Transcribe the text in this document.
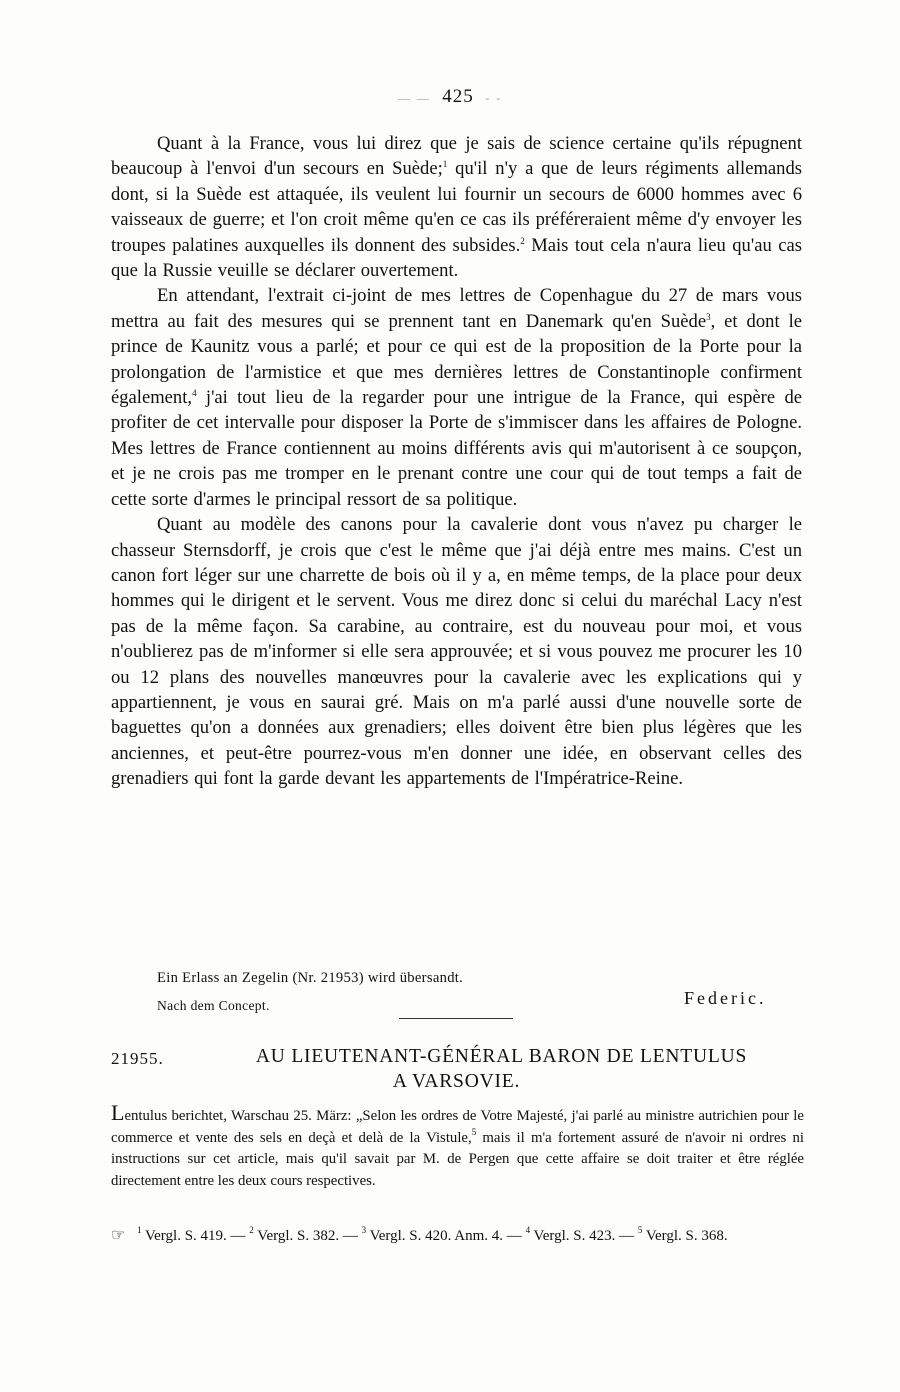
— — 425 - -

Quant à la France, vous lui direz que je sais de science certaine qu'ils répugnent beaucoup à l'envoi d'un secours en Suède;$^1$ qu'il n'y a que de leurs régiments allemands dont, si la Suède est attaquée, ils veulent lui fournir un secours de 6000 hommes avec 6 vaisseaux de guerre; et l'on croit même qu'en ce cas ils préféreraient même d'y envoyer les troupes palatines auxquelles ils donnent des subsides.$^2$ Mais tout cela n'aura lieu qu'au cas que la Russie veuille se déclarer ouvertement.

En attendant, l'extrait ci-joint de mes lettres de Copenhague du 27 de mars vous mettra au fait des mesures qui se prennent tant en Danemark qu'en Suède$^3$, et dont le prince de Kaunitz vous a parlé; et pour ce qui est de la proposition de la Porte pour la prolongation de l'armistice et que mes dernières lettres de Constantinople confirment également,$^4$ j'ai tout lieu de la regarder pour une intrigue de la France, qui espère de profiter de cet intervalle pour disposer la Porte de s'immiscer dans les affaires de Pologne. Mes lettres de France contiennent au moins différents avis qui m'autorisent à ce soupçon, et je ne crois pas me tromper en le prenant contre une cour qui de tout temps a fait de cette sorte d'armes le principal ressort de sa politique.

Quant au modèle des canons pour la cavalerie dont vous n'avez pu charger le chasseur Sternsdorff, je crois que c'est le même que j'ai déjà entre mes mains. C'est un canon fort léger sur une charrette de bois où il y a, en même temps, de la place pour deux hommes qui le dirigent et le servent. Vous me direz donc si celui du maréchal Lacy n'est pas de la même façon. Sa carabine, au contraire, est du nouveau pour moi, et vous n'oublierez pas de m'informer si elle sera approuvée; et si vous pouvez me procurer les 10 ou 12 plans des nouvelles manœuvres pour la cavalerie avec les explications qui y appartiennent, je vous en saurai gré. Mais on m'a parlé aussi d'une nouvelle sorte de baguettes qu'on a données aux grenadiers; elles doivent être bien plus légères que les anciennes, et peut-être pourrez-vous m'en donner une idée, en observant celles des grenadiers qui font la garde devant les appartements de l'Impératrice-Reine.

Ein Erlass an Zegelin (Nr. 21953) wird übersandt.
Nach dem Concept.	Federic.
21955.	AU LIEUTENANT-GÉNÉRAL BARON DE LENTULUS
A VARSOVIE.
Lentulus berichtet, Warschau 25. März: „Selon les ordres de Votre Majesté, j'ai parlé au ministre autrichien pour le commerce et vente des sels en deçà et delà de la Vistule,$^5$ mais il m'a fortement assuré de n'avoir ni ordres ni instructions sur cet article, mais qu'il savait par M. de Pergen que cette affaire se doit traiter et être réglée directement entre les deux cours respectives.
☞ $^1$ Vergl. S. 419. — $^2$ Vergl. S. 382. — $^3$ Vergl. S. 420. Anm. 4. — $^4$ Vergl. S. 423. — $^5$ Vergl. S. 368.
